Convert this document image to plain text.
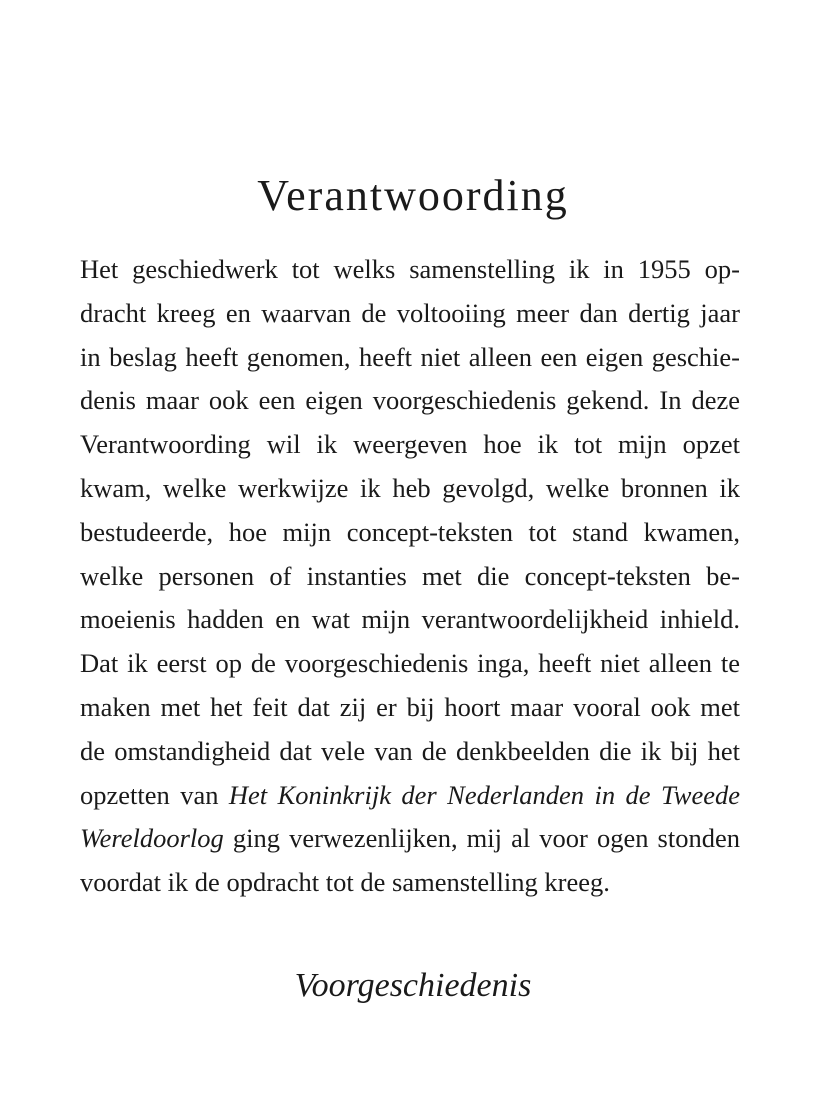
Verantwoording
Het geschiedwerk tot welks samenstelling ik in 1955 op-
dracht kreeg en waarvan de voltooiing meer dan dertig jaar
in beslag heeft genomen, heeft niet alleen een eigen geschie-
denis maar ook een eigen voorgeschiedenis gekend. In deze
Verantwoording wil ik weergeven hoe ik tot mijn opzet
kwam, welke werkwijze ik heb gevolgd, welke bronnen ik
bestudeerde, hoe mijn concept-teksten tot stand kwamen,
welke personen of instanties met die concept-teksten be-
moeienis hadden en wat mijn verantwoordelijkheid inhield.
Dat ik eerst op de voorgeschiedenis inga, heeft niet alleen te
maken met het feit dat zij er bij hoort maar vooral ook met
de omstandigheid dat vele van de denkbeelden die ik bij het
opzetten van Het Koninkrijk der Nederlanden in de Tweede
Wereldoorlog ging verwezenlijken, mij al voor ogen stonden
voordat ik de opdracht tot de samenstelling kreeg.
Voorgeschiedenis
